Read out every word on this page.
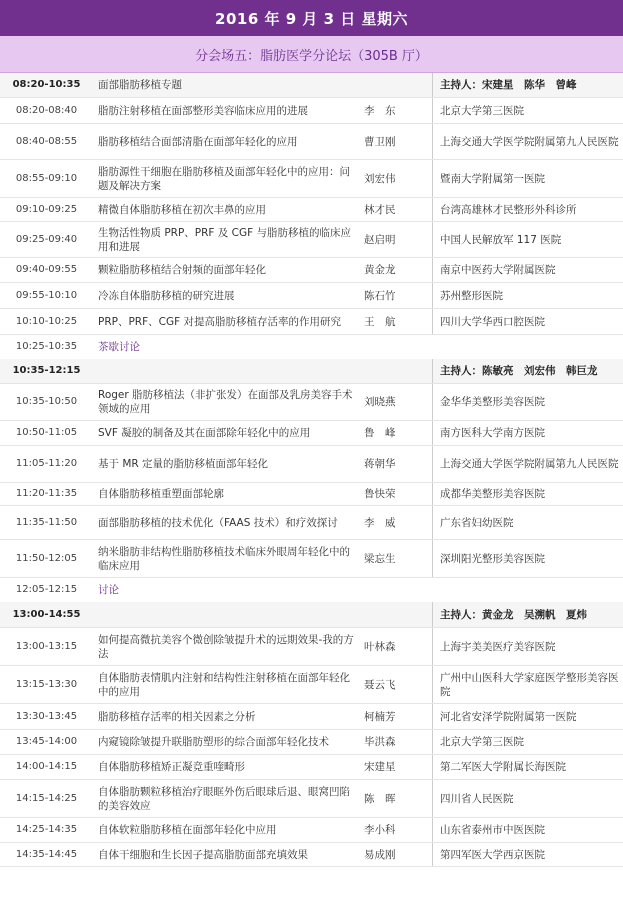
2016 年 9 月 3 日 星期六
分会场五：脂肪医学分论坛（305B 厅）
08:20-10:35 面部脂肪移植专题	主持人：宋建星　陈华　曾峰
08:20-08:40 脂肪注射移植在面部整形美容临床应用的进展	李　东	北京大学第三医院
08:40-08:55 脂肪移植结合面部清脂在面部年轻化的应用	曹卫刚	上海交通大学医学院附属第九人民医院
08:55-09:10
脂肪源性干细胞在脂肪移植及面部年轻化中的应用：问题及解决方案
刘宏伟	暨南大学附属第一医院
09:10-09:25 精微自体脂肪移植在初次丰鼻的应用	林才民	台湾高雄林才民整形外科诊所
09:25-09:40
生物活性物质 PRP、PRF 及 CGF 与脂肪移植的临床应用和进展
赵启明	中国人民解放军 117 医院
09:40-09:55 颗粒脂肪移植结合射频的面部年轻化	黄金龙	南京中医药大学附属医院
09:55-10:10 冷冻自体脂肪移植的研究进展	陈石竹	苏州整形医院
10:10-10:25 PRP、PRF、CGF 对提高脂肪移植存活率的作用研究 王　航	四川大学华西口腔医院
10:25-10:35 茶歇讨论
10:35-12:15	主持人：陈敏亮　刘宏伟　韩巨龙
10:35-10:50
Roger 脂肪移植法（非扩张发）在面部及乳房美容手术领域的应用
刘晓燕	金华华美整形美容医院
10:50-11:05 SVF 凝胶的制备及其在面部除年轻化中的应用	鲁　峰	南方医科大学南方医院
11:05-11:20 基于 MR 定量的脂肪移植面部年轻化	蒋朝华	上海交通大学医学院附属第九人民医院
11:20-11:35 自体脂肪移植重塑面部轮廓	鲁快荣	成都华美整形美容医院
11:35-11:50 面部脂肪移植的技术优化（FAAS 技术）和疗效探讨	李　威	广东省妇幼医院
11:50-12:05
纳米脂肪非结构性脂肪移植技术临床外眼周年轻化中的临床应用
梁忘生	深圳阳光整形美容医院
12:05-12:15 讨论
13:00-14:55	主持人：黄金龙　吴溯帆　夏炜
13:00-13:15
如何提高微抗美容个微创除皱提升术的远期效果-我的方法
叶林森	上海宇美美医疗美容医院
13:15-13:30
自体脂肪表情肌内注射和结构性注射移植在面部年轻化中的应用
聂云飞
广州中山医科大学家庭医学整形美容医院
13:30-13:45 脂肪移植存活率的相关因素之分析	柯楠芳	河北省安泽学院附属第一医院
13:45-14:00 内窥镜除皱提升联脂肪塑形的综合面部年轻化技术	毕洪森	北京大学第三医院
14:00-14:15 自体脂肪移植矫正凝竞重喹畸形	宋建星	第二军医大学附属长海医院
14:15-14:25
自体脂肪颗粒移植治疗眼眶外伤后眼球后退、眼窝凹陷的美容效应
陈　晖	四川省人民医院
14:25-14:35 自体软粒脂肪移植在面部年轻化中应用	李小科	山东省泰州市中医医院
14:35-14:45 自体干细胞和生长因子提高脂肪面部充填效果	易成刚	第四军医大学西京医院
